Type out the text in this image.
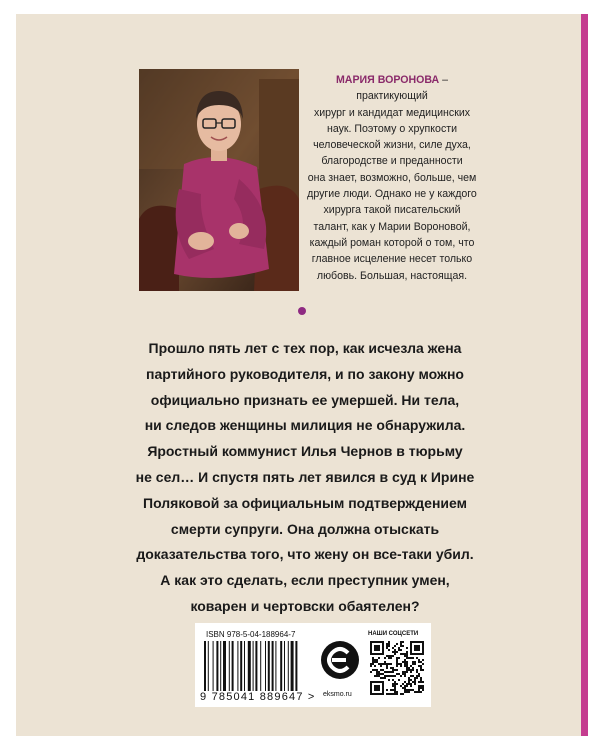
МАРИЯ ВОРОНОВА – практикующий
хирург и кандидат медицинских
наук. Поэтому о хрупкости
человеческой жизни, силе духа,
благородстве и преданности
она знает, возможно, больше, чем
другие люди. Однако не у каждого
хирурга такой писательский
талант, как у Марии Вороновой,
каждый роман которой о том, что
главное исцеление несет только
любовь. Большая, настоящая.
Прошло пять лет с тех пор, как исчезла жена
партийного руководителя, и по закону можно
официально признать ее умершей. Ни тела,
ни следов женщины милиция не обнаружила.
Яростный коммунист Илья Чернов в тюрьму
не сел… И спустя пять лет явился в суд к Ирине
Поляковой за официальным подтверждением
смерти супруги. Она должна отыскать
доказательства того, что жену он все-таки убил.
А как это сделать, если преступник умен,
коварен и чертовски обаятелен?
ISBN 978-5-04-188964-7
9 785041 889647 > eksmo.ru
НАШИ СОЦСЕТИ
